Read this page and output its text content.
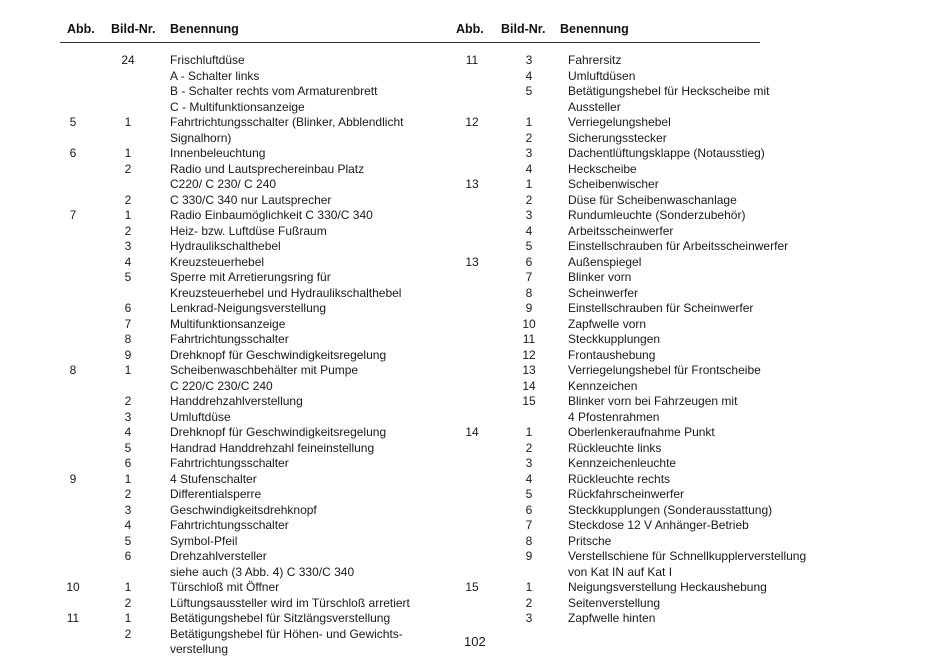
Abb. Bild-Nr. Benennung
24	Frischluftdüse
A - Schalter links
B - Schalter rechts vom Armaturenbrett
C - Multifunktionsanzeige
5	1	Fahrtrichtungsschalter (Blinker, Abblendlicht
Signalhorn)
6	1	Innenbeleuchtung
2	Radio und Lautsprechereinbau Platz
C220/ C 230/ C 240
2	C 330/C 340 nur Lautsprecher
7	1	Radio Einbaumöglichkeit C 330/C 340
2	Heiz- bzw. Luftdüse Fußraum
3	Hydraulikschalthebel
4	Kreuzsteuerhebel
5	Sperre mit Arretierungsring für
Kreuzsteuerhebel und Hydraulikschalthebel
6	Lenkrad-Neigungsverstellung
7	Multifunktionsanzeige
8	Fahrtrichtungsschalter
9	Drehknopf für Geschwindigkeitsregelung
8	1	Scheibenwaschbehälter mit Pumpe
C 220/C 230/C 240
2	Handdrehzahlverstellung
3	Umluftdüse
4	Drehknopf für Geschwindigkeitsregelung
5	Handrad Handdrehzahl feineinstellung
6	Fahrtrichtungsschalter
9	1	4 Stufenschalter
2	Differentialsperre
3	Geschwindigkeitsdrehknopf
4	Fahrtrichtungsschalter
5	Symbol-Pfeil
6	Drehzahlversteller
siehe auch (3 Abb. 4) C 330/C 340
10	1	Türschloß mit Öffner
2	Lüftungsaussteller wird im Türschloß arretiert
11	1	Betätigungshebel für Sitzlängsverstellung
2	Betätigungshebel für Höhen- und Gewichts-
verstellung
Abb. Bild-Nr. Benennung
11	3	Fahrersitz
4	Umluftdüsen
5	Betätigungshebel für Heckscheibe mit
Aussteller
12	1	Verriegelungshebel
2	Sicherungsstecker
3	Dachentlüftungsklappe (Notausstieg)
4	Heckscheibe
13	1	Scheibenwischer
2	Düse für Scheibenwaschanlage
3	Rundumleuchte (Sonderzubehör)
4	Arbeitsscheinwerfer
5	Einstellschrauben für Arbeitsscheinwerfer
13	6	Außenspiegel
7	Blinker vorn
8	Scheinwerfer
9	Einstellschrauben für Scheinwerfer
10	Zapfwelle vorn
11	Steckkupplungen
12	Frontaushebung
13	Verriegelungshebel für Frontscheibe
14	Kennzeichen
15	Blinker vorn bei Fahrzeugen mit
4 Pfostenrahmen
14	1	Oberlenkeraufnahme Punkt
2	Rückleuchte links
3	Kennzeichenleuchte
4	Rückleuchte rechts
5	Rückfahrscheinwerfer
6	Steckkupplungen (Sonderausstattung)
7	Steckdose 12 V Anhänger-Betrieb
8	Pritsche
9	Verstellschiene für Schnellkupplerverstellung
von Kat IN auf Kat I
15	1	Neigungsverstellung Heckaushebung
2	Seitenverstellung
3	Zapfwelle hinten
102
